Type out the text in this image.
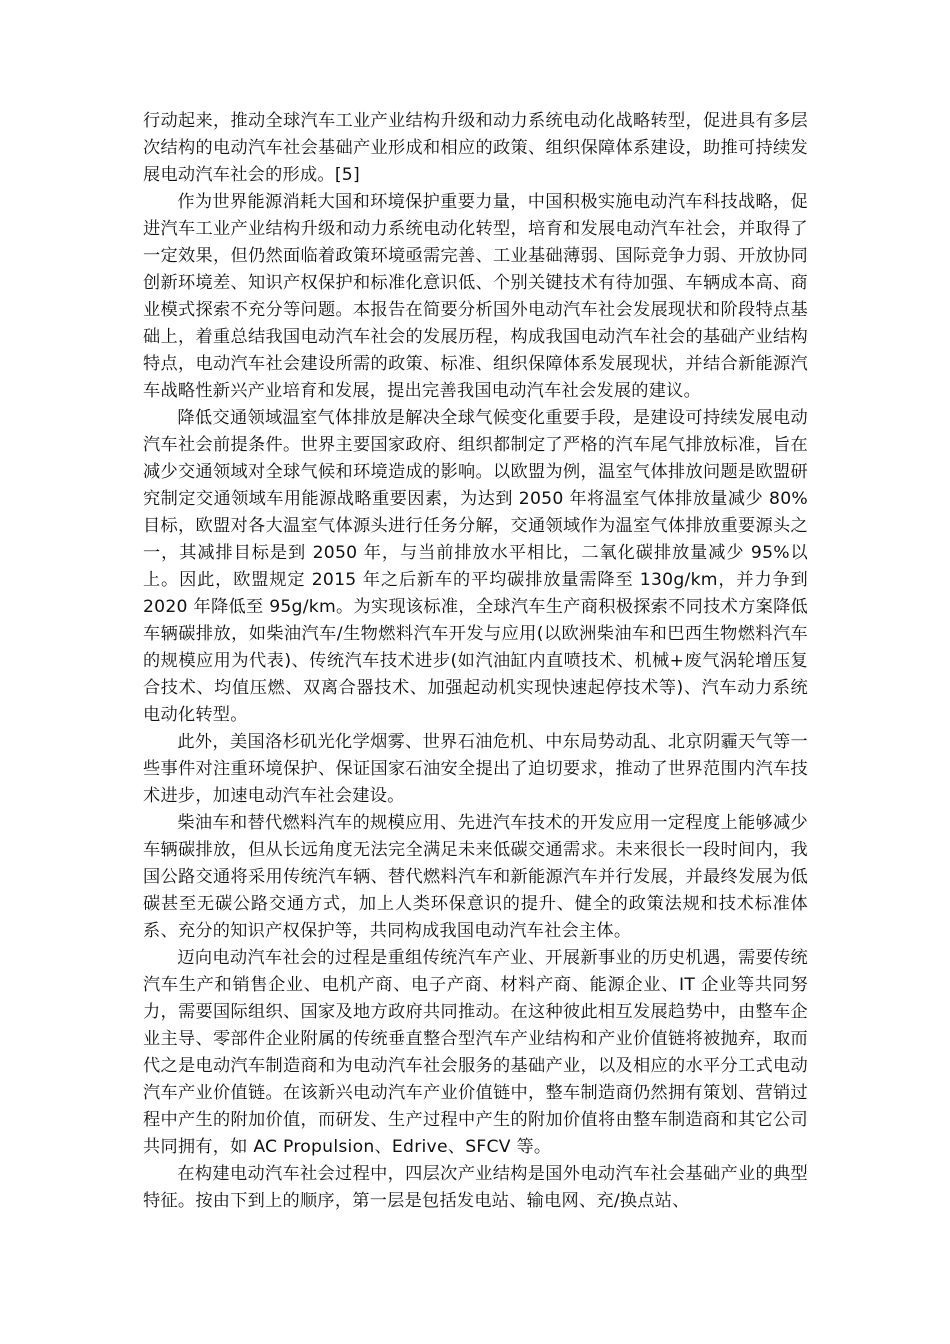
行动起来，推动全球汽车工业产业结构升级和动力系统电动化战略转型，促进具有多层次结构的电动汽车社会基础产业形成和相应的政策、组织保障体系建设，助推可持续发展电动汽车社会的形成。[5]

作为世界能源消耗大国和环境保护重要力量，中国积极实施电动汽车科技战略，促进汽车工业产业结构升级和动力系统电动化转型，培育和发展电动汽车社会，并取得了一定效果，但仍然面临着政策环境亟需完善、工业基础薄弱、国际竞争力弱、开放协同创新环境差、知识产权保护和标准化意识低、个别关键技术有待加强、车辆成本高、商业模式探索不充分等问题。本报告在简要分析国外电动汽车社会发展现状和阶段特点基础上，着重总结我国电动汽车社会的发展历程，构成我国电动汽车社会的基础产业结构特点，电动汽车社会建设所需的政策、标准、组织保障体系发展现状，并结合新能源汽车战略性新兴产业培育和发展，提出完善我国电动汽车社会发展的建议。

降低交通领域温室气体排放是解决全球气候变化重要手段，是建设可持续发展电动汽车社会前提条件。世界主要国家政府、组织都制定了严格的汽车尾气排放标准，旨在减少交通领域对全球气候和环境造成的影响。以欧盟为例，温室气体排放问题是欧盟研究制定交通领域车用能源战略重要因素，为达到 2050 年将温室气体排放量减少 80%目标，欧盟对各大温室气体源头进行任务分解，交通领域作为温室气体排放重要源头之一，其减排目标是到 2050 年，与当前排放水平相比，二氧化碳排放量减少 95%以上。因此，欧盟规定 2015 年之后新车的平均碳排放量需降至 130g/km，并力争到 2020 年降低至 95g/km。为实现该标准，全球汽车生产商积极探索不同技术方案降低车辆碳排放，如柴油汽车/生物燃料汽车开发与应用(以欧洲柴油车和巴西生物燃料汽车的规模应用为代表)、传统汽车技术进步(如汽油缸内直喷技术、机械+废气涡轮增压复合技术、均值压燃、双离合器技术、加强起动机实现快速起停技术等)、汽车动力系统电动化转型。

此外，美国洛杉矶光化学烟雾、世界石油危机、中东局势动乱、北京阴霾天气等一些事件对注重环境保护、保证国家石油安全提出了迫切要求，推动了世界范围内汽车技术进步，加速电动汽车社会建设。

柴油车和替代燃料汽车的规模应用、先进汽车技术的开发应用一定程度上能够减少车辆碳排放，但从长远角度无法完全满足未来低碳交通需求。未来很长一段时间内，我国公路交通将采用传统汽车辆、替代燃料汽车和新能源汽车并行发展，并最终发展为低碳甚至无碳公路交通方式，加上人类环保意识的提升、健全的政策法规和技术标准体系、充分的知识产权保护等，共同构成我国电动汽车社会主体。

迈向电动汽车社会的过程是重组传统汽车产业、开展新事业的历史机遇，需要传统汽车生产和销售企业、电机产商、电子产商、材料产商、能源企业、IT 企业等共同努力，需要国际组织、国家及地方政府共同推动。在这种彼此相互发展趋势中，由整车企业主导、零部件企业附属的传统垂直整合型汽车产业结构和产业价值链将被抛弃，取而代之是电动汽车制造商和为电动汽车社会服务的基础产业，以及相应的水平分工式电动汽车产业价值链。在该新兴电动汽车产业价值链中，整车制造商仍然拥有策划、营销过程中产生的附加价值，而研发、生产过程中产生的附加价值将由整车制造商和其它公司共同拥有，如 AC Propulsion、Edrive、SFCV 等。

在构建电动汽车社会过程中，四层次产业结构是国外电动汽车社会基础产业的典型特征。按由下到上的顺序，第一层是包括发电站、输电网、充/换点站、
